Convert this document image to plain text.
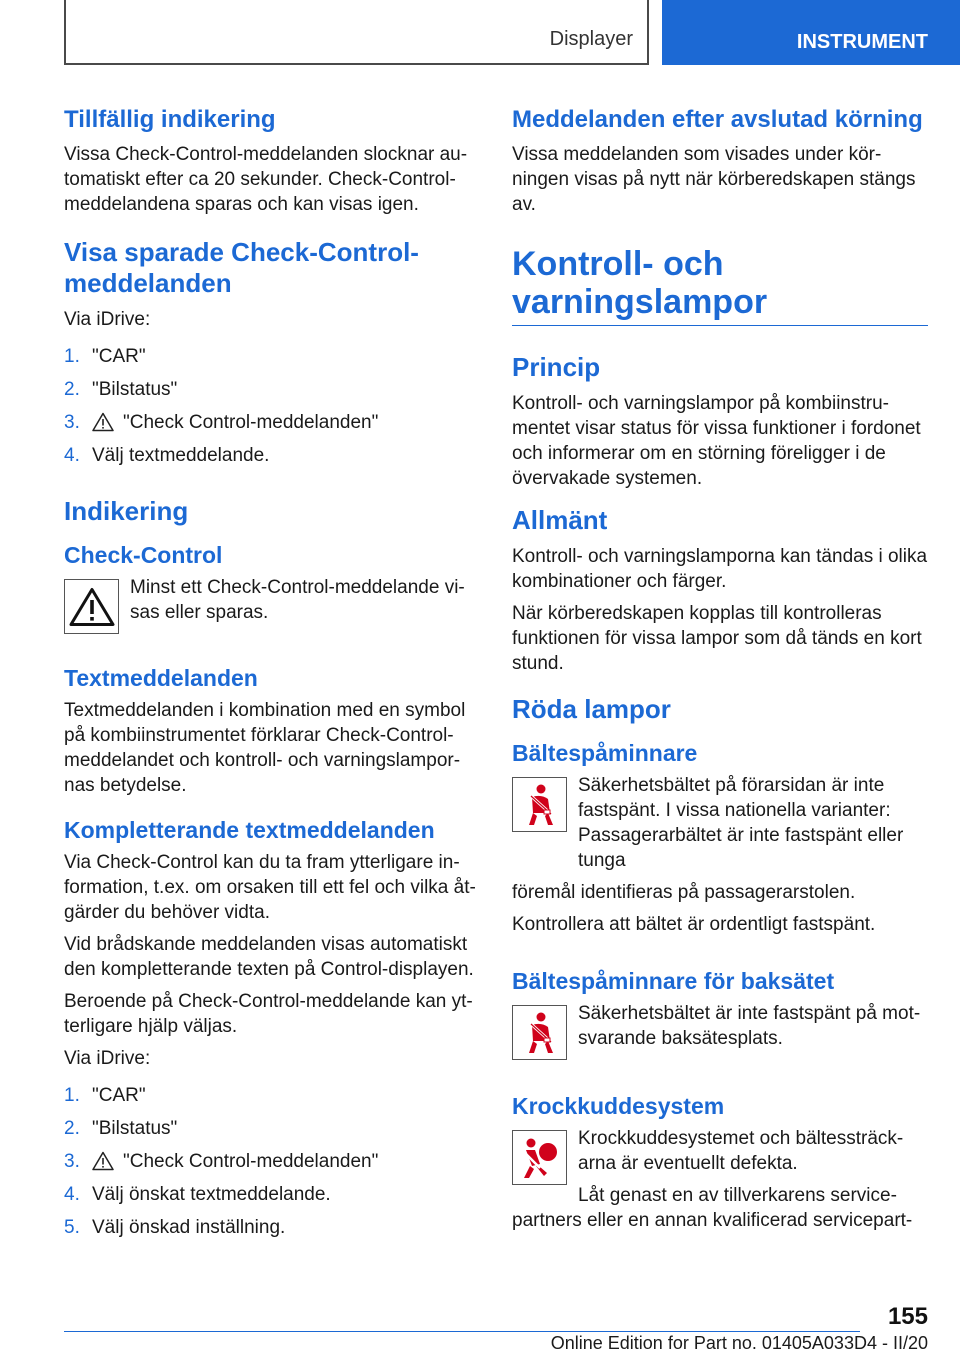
Displayer	INSTRUMENT
Tillfällig indikering

Vissa Check-Control-meddelanden slocknar automatiskt efter ca 20 sekunder. Check-Control-meddelandena sparas och kan visas igen.

Visa sparade Check-Control-meddelanden

Via iDrive:

1. "CAR"
2. "Bilstatus"
3.	"Check Control-meddelanden"
4. Välj textmeddelande.
Indikering
Check-Control

Minst ett Check-Control-meddelande visas eller sparas.

Textmeddelanden

Textmeddelanden i kombination med en symbol på kombiinstrumentet förklarar Check-Control-meddelandet och kontroll- och varningslampornas betydelse.

Kompletterande textmeddelanden

Via Check-Control kan du ta fram ytterligare information, t.ex. om orsaken till ett fel och vilka åtgärder du behöver vidta.

Vid brådskande meddelanden visas automatiskt den kompletterande texten på Control-displayen.

Beroende på Check-Control-meddelande kan ytterligare hjälp väljas.

Via iDrive:

1. "CAR"
2. "Bilstatus"
3.	"Check Control-meddelanden"
4. Välj önskat textmeddelande.
5. Välj önskad inställning.
Meddelanden efter avslutad körning

Vissa meddelanden som visades under körningen visas på nytt när körberedskapen stängs av.

Kontroll- och varningslampor
Princip

Kontroll- och varningslampor på kombiinstrumentet visar status för vissa funktioner i fordonet och informerar om en störning föreligger i de övervakade systemen.

Allmänt

Kontroll- och varningslamporna kan tändas i olika kombinationer och färger.

När körberedskapen kopplas till kontrolleras funktionen för vissa lampor som då tänds en kort stund.

Röda lampor
Bältespåminnare

Säkerhetsbältet på förarsidan är inte fastspänt. I vissa nationella varianter: Passagerarbältet är inte fastspänt eller tunga

föremål identifieras på passagerarstolen.

Kontrollera att bältet är ordentligt fastspänt.

Bältespåminnare för baksätet

Säkerhetsbältet är inte fastspänt på motsvarande baksätesplats.

Krockkuddesystem

Krockkuddesystemet och bältessträckarna är eventuellt defekta.

Låt genast en av tillverkarens service-

partners eller en annan kvalificerad servicepart-

155
Online Edition for Part no. 01405A033D4 - II/20
